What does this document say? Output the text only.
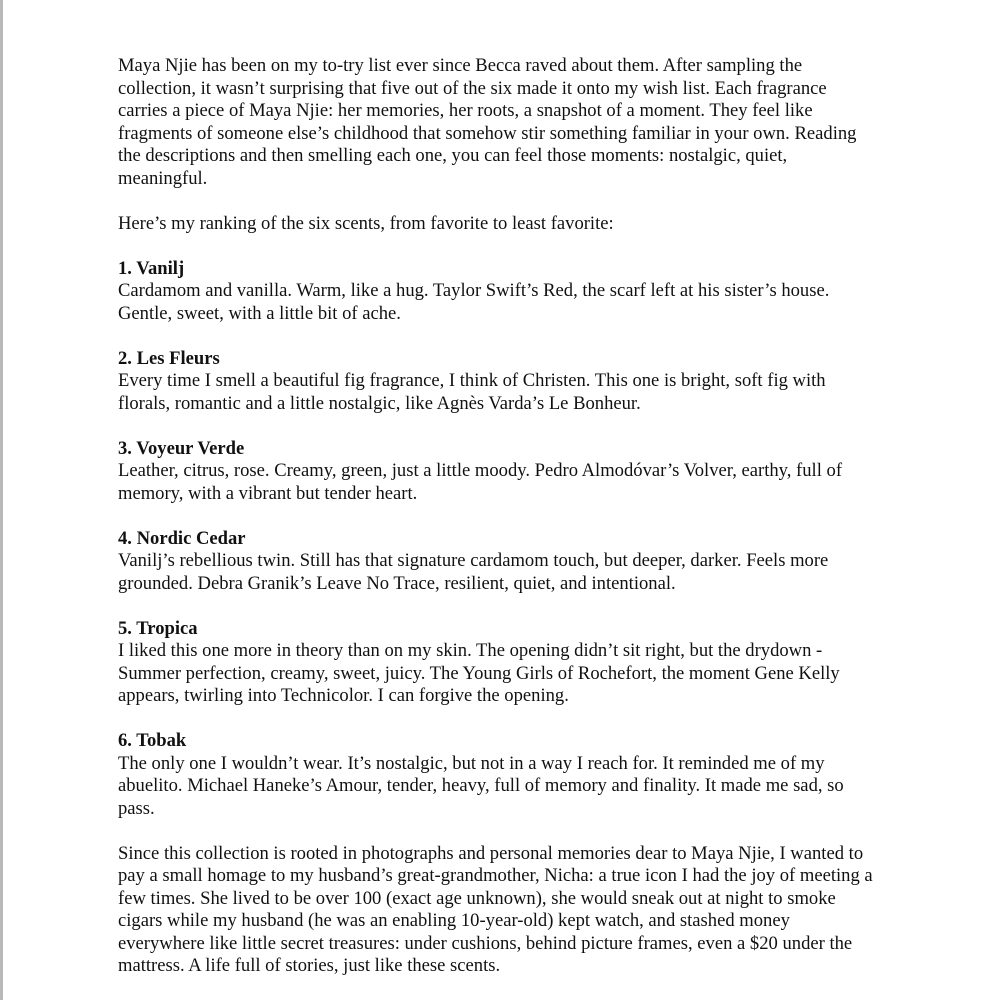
Maya Njie has been on my to-try list ever since Becca raved about them. After sampling the collection, it wasn’t surprising that five out of the six made it onto my wish list. Each fragrance carries a piece of Maya Njie: her memories, her roots, a snapshot of a moment. They feel like fragments of someone else’s childhood that somehow stir something familiar in your own. Reading the descriptions and then smelling each one, you can feel those moments: nostalgic, quiet, meaningful.

Here’s my ranking of the six scents, from favorite to least favorite:

1. Vanilj
Cardamom and vanilla. Warm, like a hug. Taylor Swift’s Red, the scarf left at his sister’s house. Gentle, sweet, with a little bit of ache.
2. Les Fleurs
Every time I smell a beautiful fig fragrance, I think of Christen. This one is bright, soft fig with florals, romantic and a little nostalgic, like Agnès Varda’s Le Bonheur.
3. Voyeur Verde
Leather, citrus, rose. Creamy, green, just a little moody. Pedro Almodóvar’s Volver, earthy, full of memory, with a vibrant but tender heart.
4. Nordic Cedar
Vanilj’s rebellious twin. Still has that signature cardamom touch, but deeper, darker. Feels more grounded. Debra Granik’s Leave No Trace, resilient, quiet, and intentional.
5. Tropica
I liked this one more in theory than on my skin. The opening didn’t sit right, but the drydown - Summer perfection, creamy, sweet, juicy. The Young Girls of Rochefort, the moment Gene Kelly appears, twirling into Technicolor. I can forgive the opening.
6. Tobak
The only one I wouldn’t wear. It’s nostalgic, but not in a way I reach for. It reminded me of my abuelito. Michael Haneke’s Amour, tender, heavy, full of memory and finality. It made me sad, so pass.

Since this collection is rooted in photographs and personal memories dear to Maya Njie, I wanted to pay a small homage to my husband’s great-grandmother, Nicha: a true icon I had the joy of meeting a few times. She lived to be over 100 (exact age unknown), she would sneak out at night to smoke cigars while my husband (he was an enabling 10-year-old) kept watch, and stashed money everywhere like little secret treasures: under cushions, behind picture frames, even a $20 under the mattress. A life full of stories, just like these scents.
